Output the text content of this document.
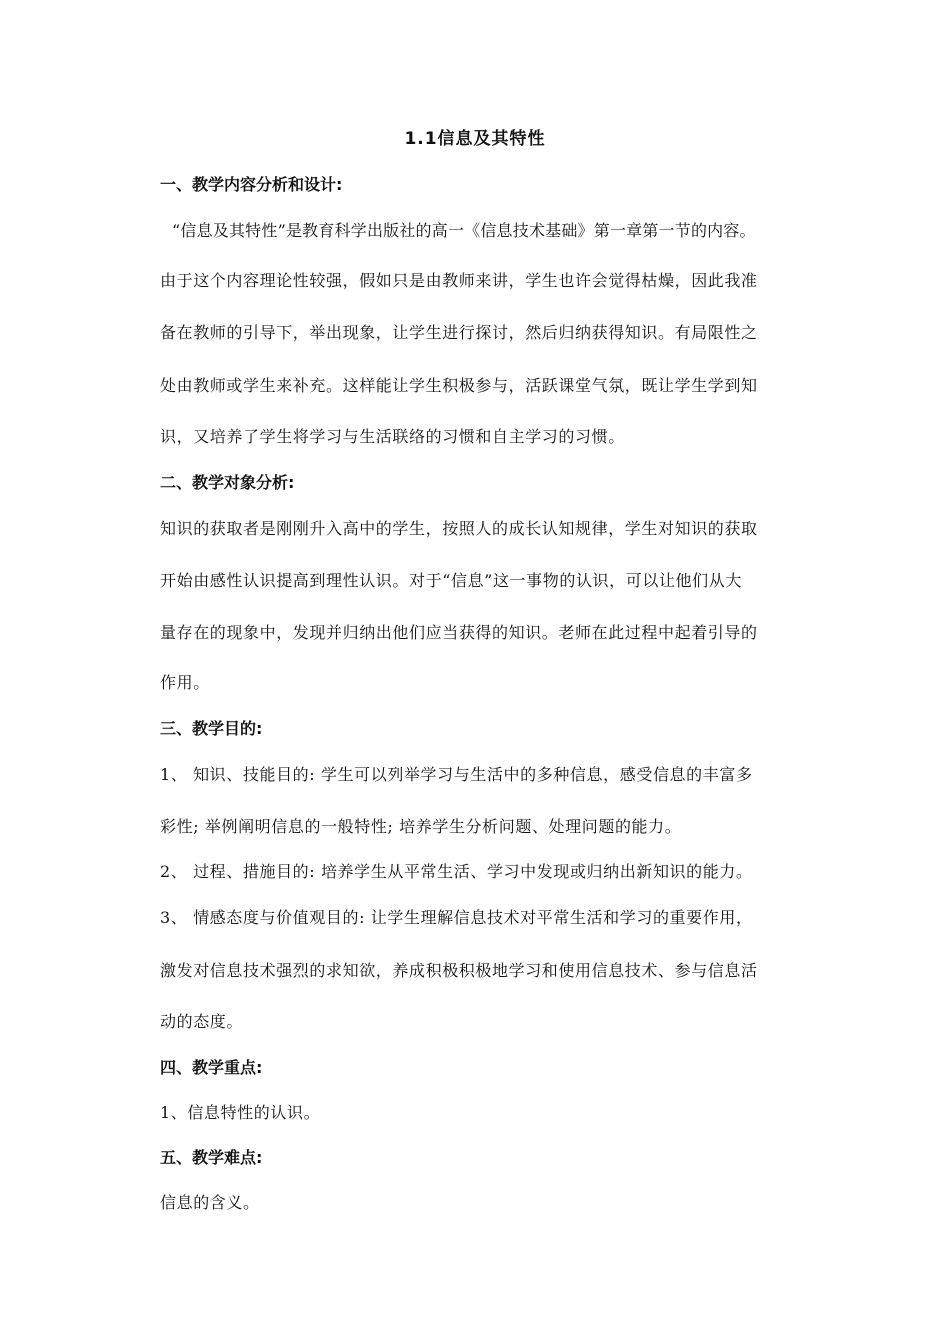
1.1信息及其特性
一、教学内容分析和设计:
“信息及其特性”是教育科学出版社的高一《信息技术基础》第一章第一节的内容。
由于这个内容理论性较强，假如只是由教师来讲，学生也许会觉得枯燥，因此我准
备在教师的引导下，举出现象，让学生进行探讨，然后归纳获得知识。有局限性之
处由教师或学生来补充。这样能让学生积极参与，活跃课堂气氛，既让学生学到知
识，又培养了学生将学习与生活联络的习惯和自主学习的习惯。
二、教学对象分析:
知识的获取者是刚刚升入高中的学生，按照人的成长认知规律，学生对知识的获取
开始由感性认识提高到理性认识。对于“信息”这一事物的认识，可以让他们从大
量存在的现象中，发现并归纳出他们应当获得的知识。老师在此过程中起着引导的
作用。
三、教学目的:
1、 知识、技能目的: 学生可以列举学习与生活中的多种信息，感受信息的丰富多
彩性; 举例阐明信息的一般特性; 培养学生分析问题、处理问题的能力。
2、 过程、措施目的: 培养学生从平常生活、学习中发现或归纳出新知识的能力。
3、 情感态度与价值观目的: 让学生理解信息技术对平常生活和学习的重要作用，
激发对信息技术强烈的求知欲，养成积极积极地学习和使用信息技术、参与信息活
动的态度。
四、教学重点:
1、信息特性的认识。
五、教学难点:
信息的含义。
